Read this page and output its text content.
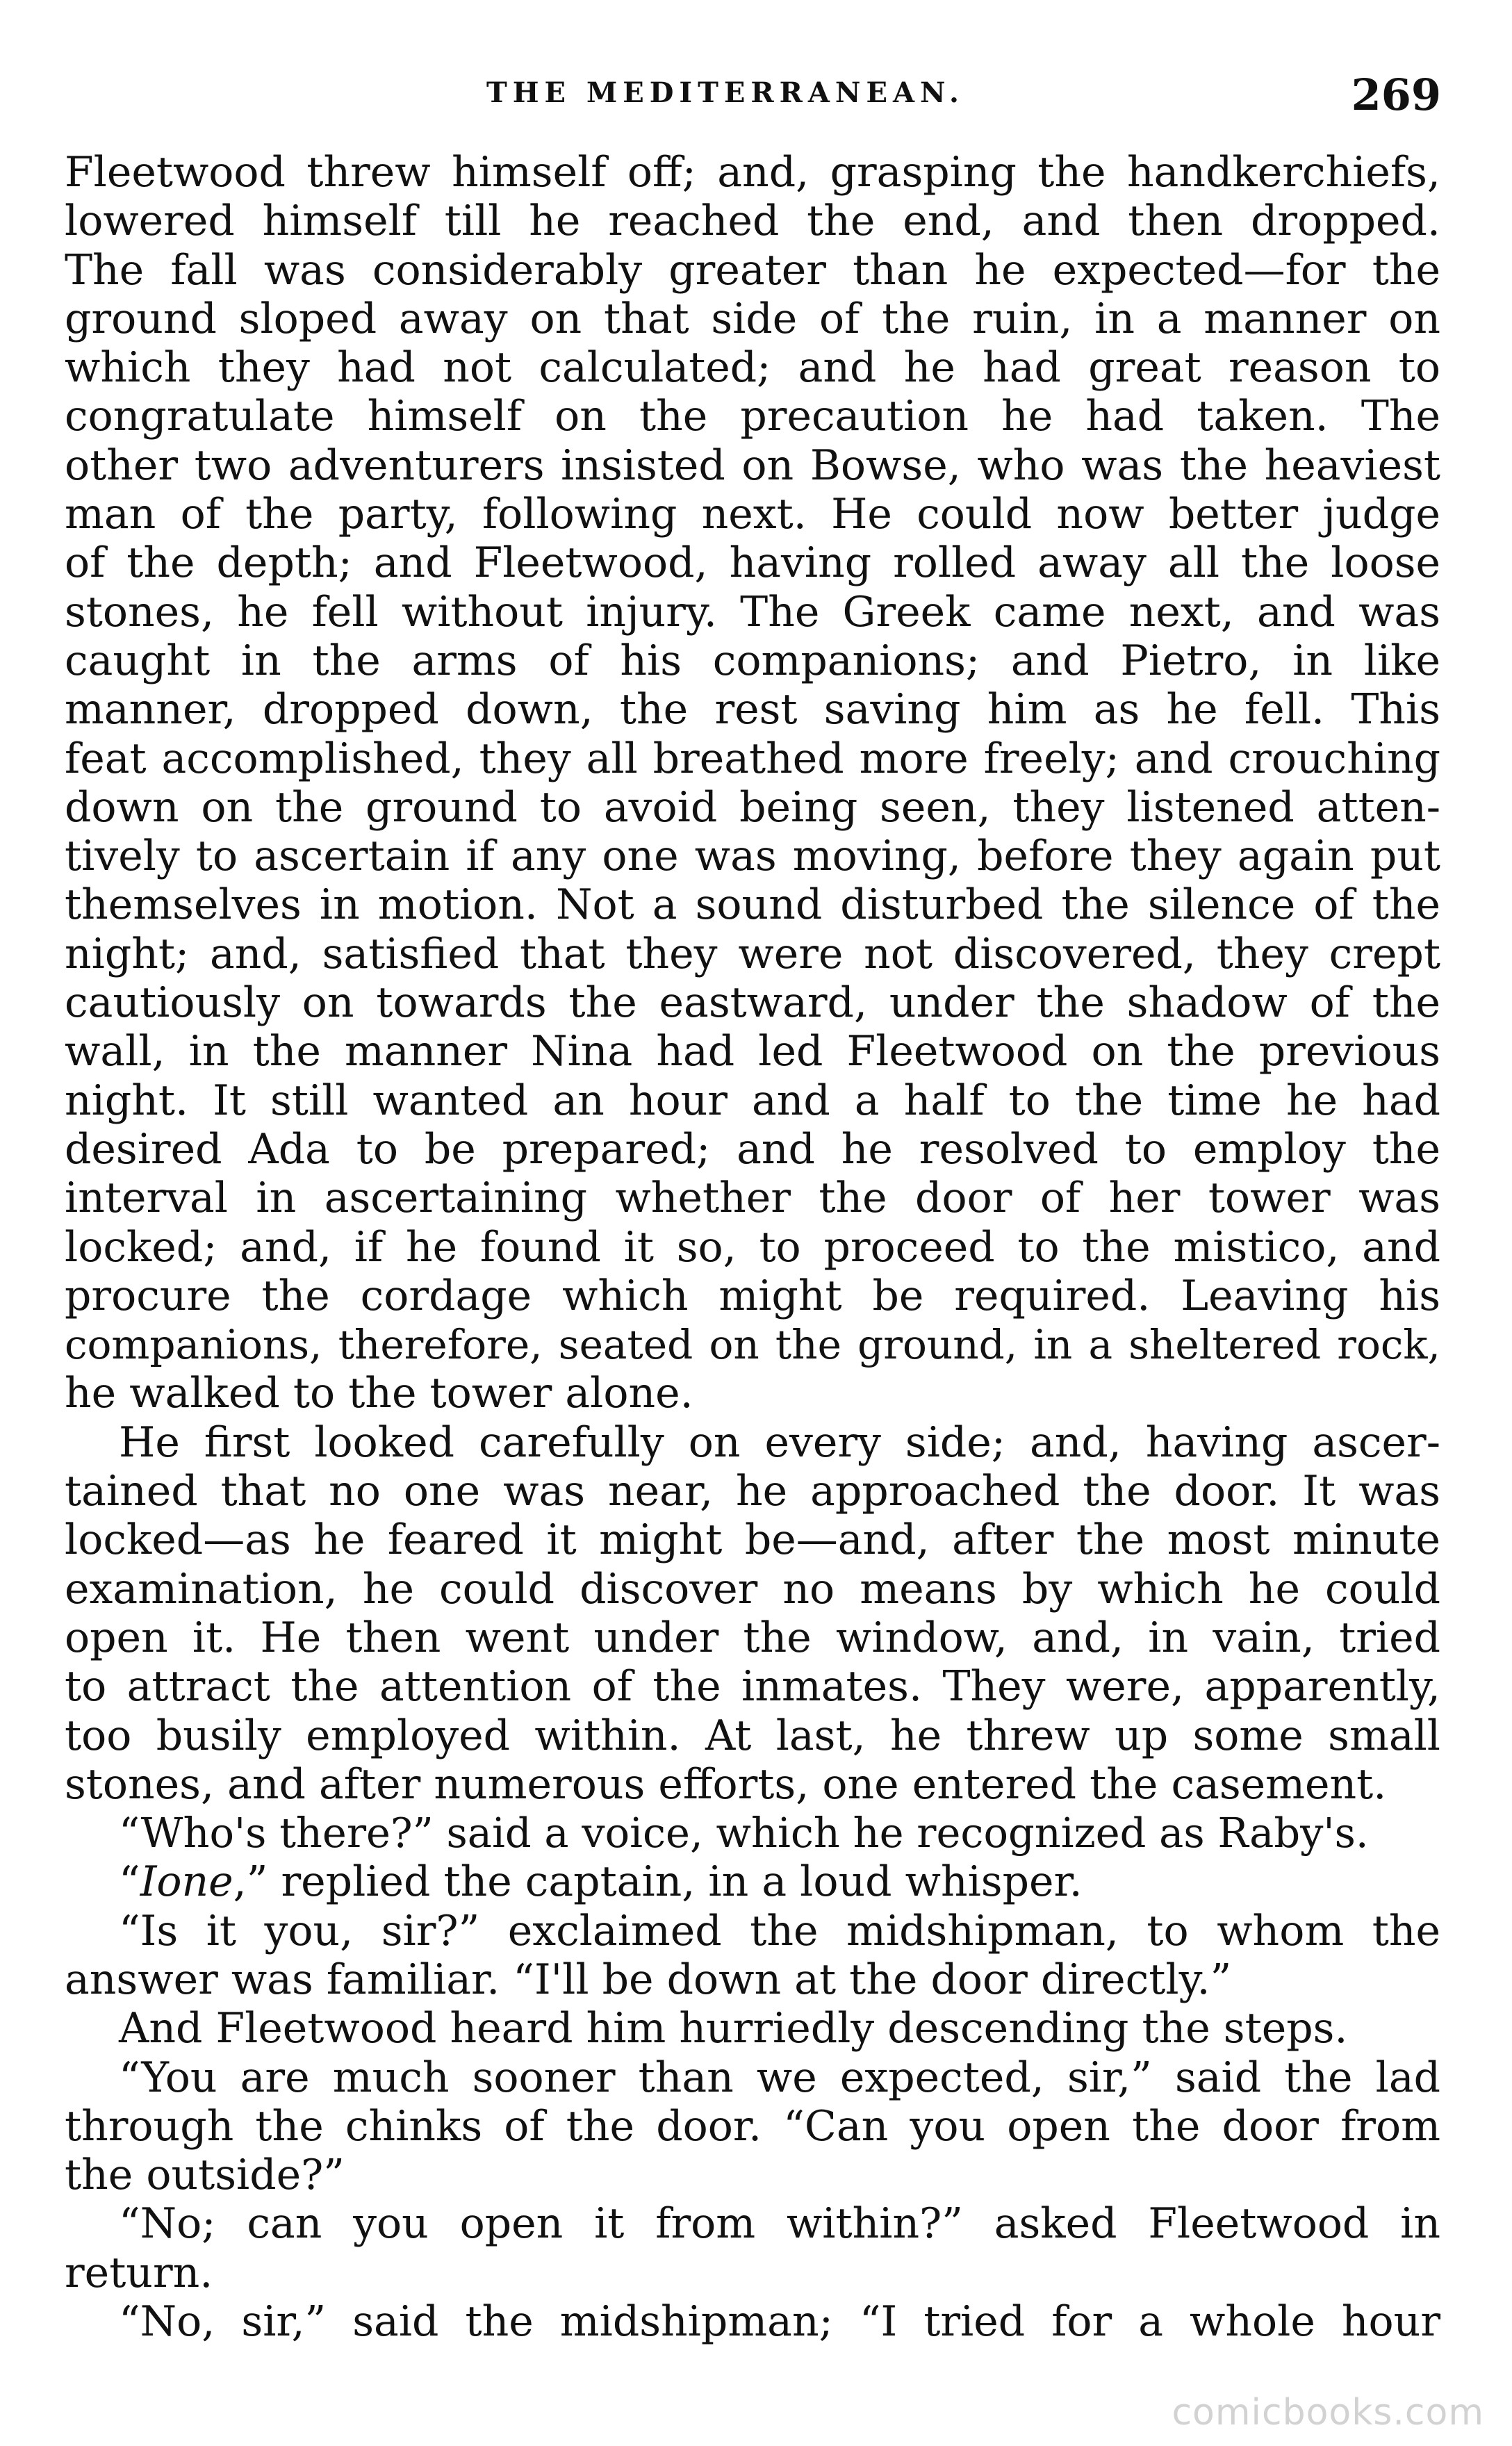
THE MEDITERRANEAN.	269
Fleetwood threw himself off; and, grasping the handkerchiefs,
lowered himself till he reached the end, and then dropped.
The fall was considerably greater than he expected—for the
ground sloped away on that side of the ruin, in a manner on
which they had not calculated; and he had great reason to
congratulate himself on the precaution he had taken. The
other two adventurers insisted on Bowse, who was the heaviest
man of the party, following next. He could now better judge
of the depth; and Fleetwood, having rolled away all the loose
stones, he fell without injury. The Greek came next, and was
caught in the arms of his companions; and Pietro, in like
manner, dropped down, the rest saving him as he fell. This
feat accomplished, they all breathed more freely; and crouching
down on the ground to avoid being seen, they listened atten-
tively to ascertain if any one was moving, before they again put
themselves in motion. Not a sound disturbed the silence of the
night; and, satisfied that they were not discovered, they crept
cautiously on towards the eastward, under the shadow of the
wall, in the manner Nina had led Fleetwood on the previous
night. It still wanted an hour and a half to the time he had
desired Ada to be prepared; and he resolved to employ the
interval in ascertaining whether the door of her tower was
locked; and, if he found it so, to proceed to the mistico, and
procure the cordage which might be required. Leaving his
companions, therefore, seated on the ground, in a sheltered rock,
he walked to the tower alone.
He first looked carefully on every side; and, having ascer-
tained that no one was near, he approached the door. It was
locked—as he feared it might be—and, after the most minute
examination, he could discover no means by which he could
open it. He then went under the window, and, in vain, tried
to attract the attention of the inmates. They were, apparently,
too busily employed within. At last, he threw up some small
stones, and after numerous efforts, one entered the casement.
“Who's there?” said a voice, which he recognized as Raby's.
“Ione,” replied the captain, in a loud whisper.
“Is it you, sir?” exclaimed the midshipman, to whom the
answer was familiar. “I'll be down at the door directly.”
And Fleetwood heard him hurriedly descending the steps.
“You are much sooner than we expected, sir,” said the lad
through the chinks of the door. “Can you open the door from
the outside?”
“No; can you open it from within?” asked Fleetwood in
return.
“No, sir,” said the midshipman; “I tried for a whole hour
comicbooks.com
